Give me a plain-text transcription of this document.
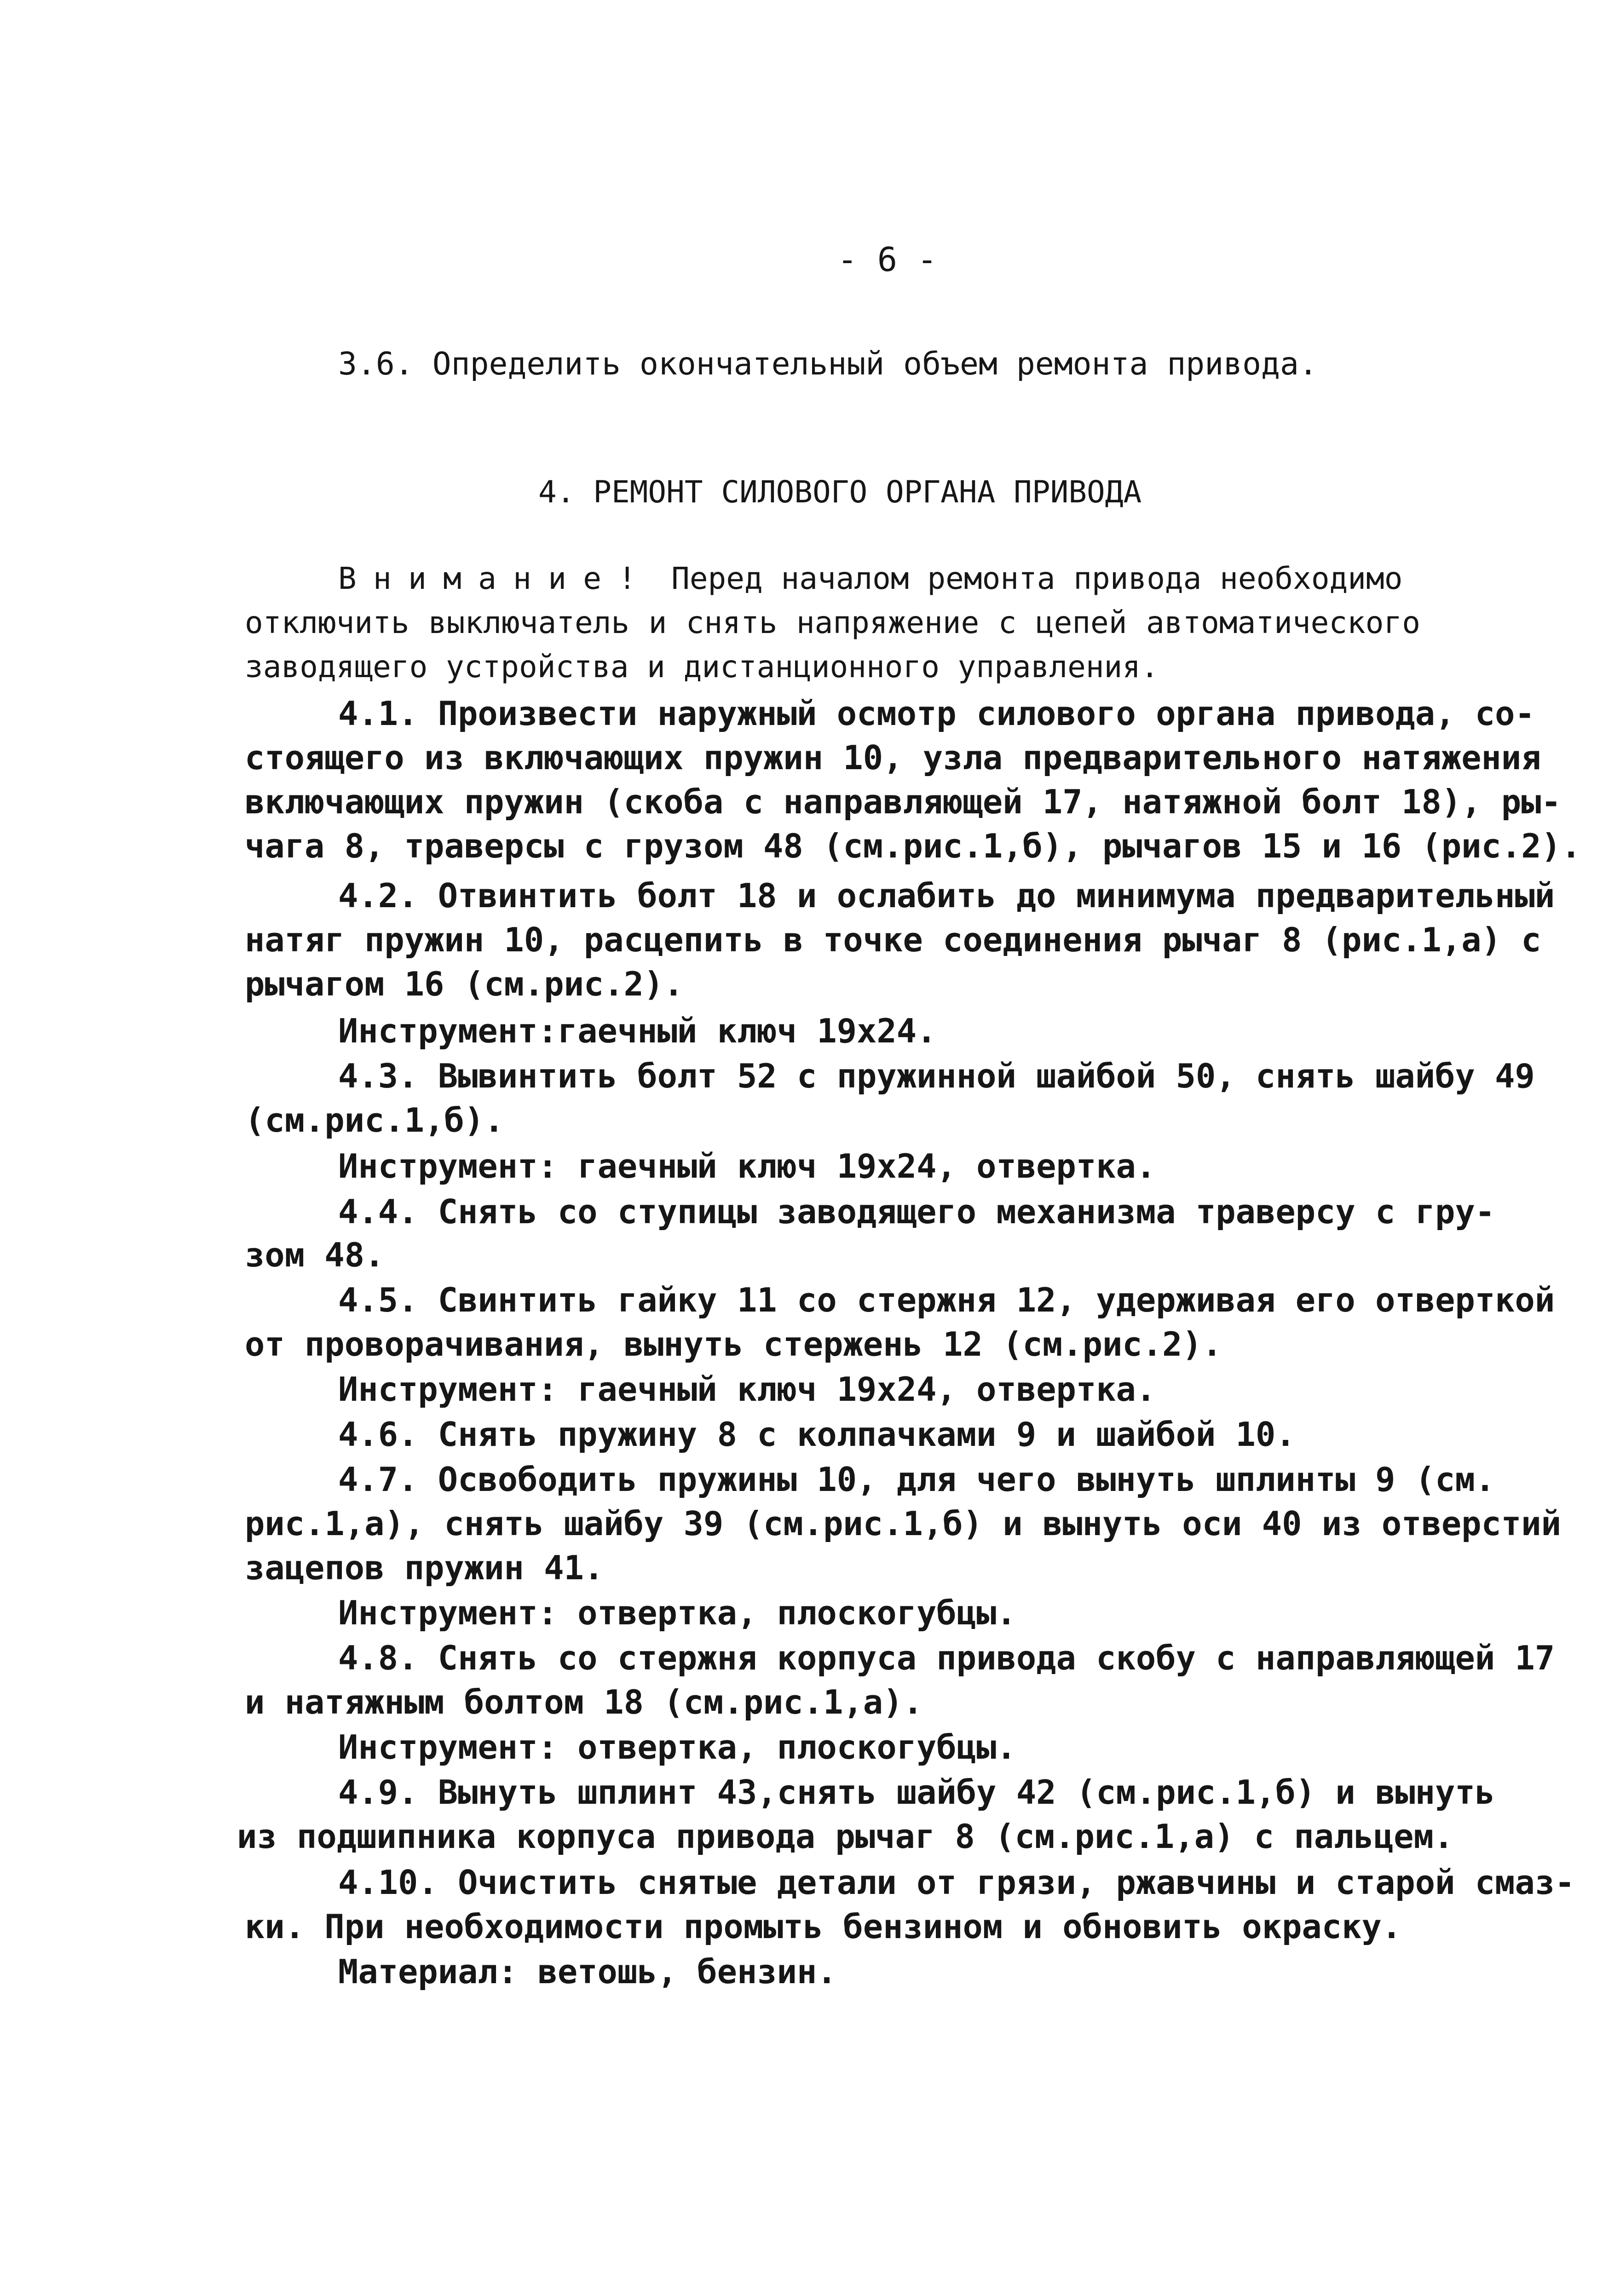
- 6 -
3.6. Определить окончательный объем ремонта привода.
4. РЕМОНТ СИЛОВОГО ОРГАНА ПРИВОДА
Внимание! Перед началом ремонта привода необходимо
отключить выключатель и снять напряжение с цепей автоматического
заводящего устройства и дистанционного управления.
4.1. Произвести наружный осмотр силового органа привода, со-
стоящего из включающих пружин 10, узла предварительного натяжения
включающих пружин (скоба с направляющей 17, натяжной болт 18), ры-
чага 8, траверсы с грузом 48 (см.рис.1,б), рычагов 15 и 16 (рис.2).
4.2. Отвинтить болт 18 и ослабить до минимума предварительный
натяг пружин 10, расцепить в точке соединения рычаг 8 (рис.1,а) с
рычагом 16 (см.рис.2).
Инструмент:гаечный ключ 19х24.
4.3. Вывинтить болт 52 с пружинной шайбой 50, снять шайбу 49
(см.рис.1,б).
Инструмент: гаечный ключ 19х24, отвертка.
4.4. Снять со ступицы заводящего механизма траверсу с гру-
зом 48.
4.5. Свинтить гайку 11 со стержня 12, удерживая его отверткой
от проворачивания, вынуть стержень 12 (см.рис.2).
Инструмент: гаечный ключ 19х24, отвертка.
4.6. Снять пружину 8 с колпачками 9 и шайбой 10.
4.7. Освободить пружины 10, для чего вынуть шплинты 9 (см.
рис.1,а), снять шайбу 39 (см.рис.1,б) и вынуть оси 40 из отверстий
зацепов пружин 41.
Инструмент: отвертка, плоскогубцы.
4.8. Снять со стержня корпуса привода скобу с направляющей 17
и натяжным болтом 18 (см.рис.1,а).
Инструмент: отвертка, плоскогубцы.
4.9. Вынуть шплинт 43,снять шайбу 42 (см.рис.1,б) и вынуть
из подшипника корпуса привода рычаг 8 (см.рис.1,а) с пальцем.
4.10. Очистить снятые детали от грязи, ржавчины и старой смаз-
ки. При необходимости промыть бензином и обновить окраску.
Материал: ветошь, бензин.
